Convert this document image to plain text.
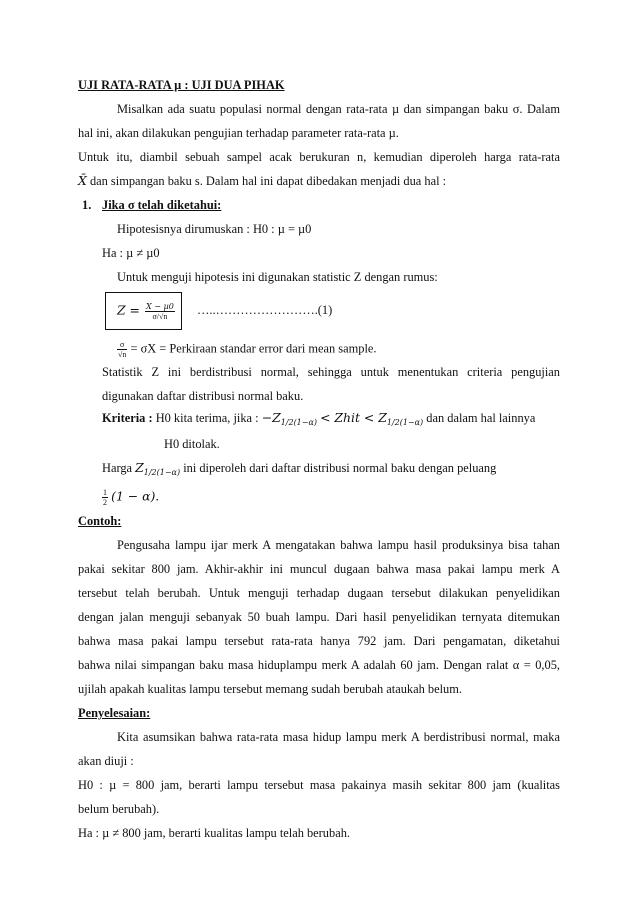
UJI RATA-RATA µ : UJI DUA PIHAK
Misalkan ada suatu populasi normal dengan rata-rata µ dan simpangan baku σ. Dalam
hal ini, akan dilakukan pengujian terhadap parameter rata-rata µ.
Untuk itu, diambil sebuah sampel acak berukuran n, kemudian diperoleh harga rata-rata
X̄ dan simpangan baku s. Dalam hal ini dapat dibedakan menjadi dua hal :
1. Jika σ telah diketahui:
Hipotesisnya dirumuskan : H0 : µ = µ0
Ha : µ ≠ µ0
Untuk menguji hipotesis ini digunakan statistic Z dengan rumus:
$Z = \frac{\text{X − µ0}}{\sigma/√n}$ …..…………………….(1)
$\frac{\sigma}{√n} = \sigma X$ = Perkiraan standar error dari mean sample.
Statistik Z ini berdistribusi normal, sehingga untuk menentukan criteria pengujian
digunakan daftar distribusi normal baku.
Kriteria : H0 kita terima, jika : $-Z_{1/2(1-\alpha)}$ < Zhit < $Z_{1/2(1-\alpha)}$ dan dalam hal lainnya
H0 ditolak.
Harga $Z_{1/2(1-\alpha)}$ ini diperoleh dari daftar distribusi normal baku dengan peluang
$\frac{1}{2} (1 - \alpha)$.
Contoh:
Pengusaha lampu ijar merk A mengatakan bahwa lampu hasil produksinya bisa tahan
pakai sekitar 800 jam. Akhir-akhir ini muncul dugaan bahwa masa pakai lampu merk A
tersebut telah berubah. Untuk menguji terhadap dugaan tersebut dilakukan penyelidikan
dengan jalan menguji sebanyak 50 buah lampu. Dari hasil penyelidikan ternyata ditemukan
bahwa masa pakai lampu tersebut rata-rata hanya 792 jam. Dari pengamatan, diketahui
bahwa nilai simpangan baku masa hiduplampu merk A adalah 60 jam. Dengan ralat α = 0,05,
ujilah apakah kualitas lampu tersebut memang sudah berubah ataukah belum.
Penyelesaian:
Kita asumsikan bahwa rata-rata masa hidup lampu merk A berdistribusi normal, maka
akan diuji :
H0 : µ = 800 jam, berarti lampu tersebut masa pakainya masih sekitar 800 jam (kualitas
belum berubah).
Ha : µ ≠ 800 jam, berarti kualitas lampu telah berubah.
